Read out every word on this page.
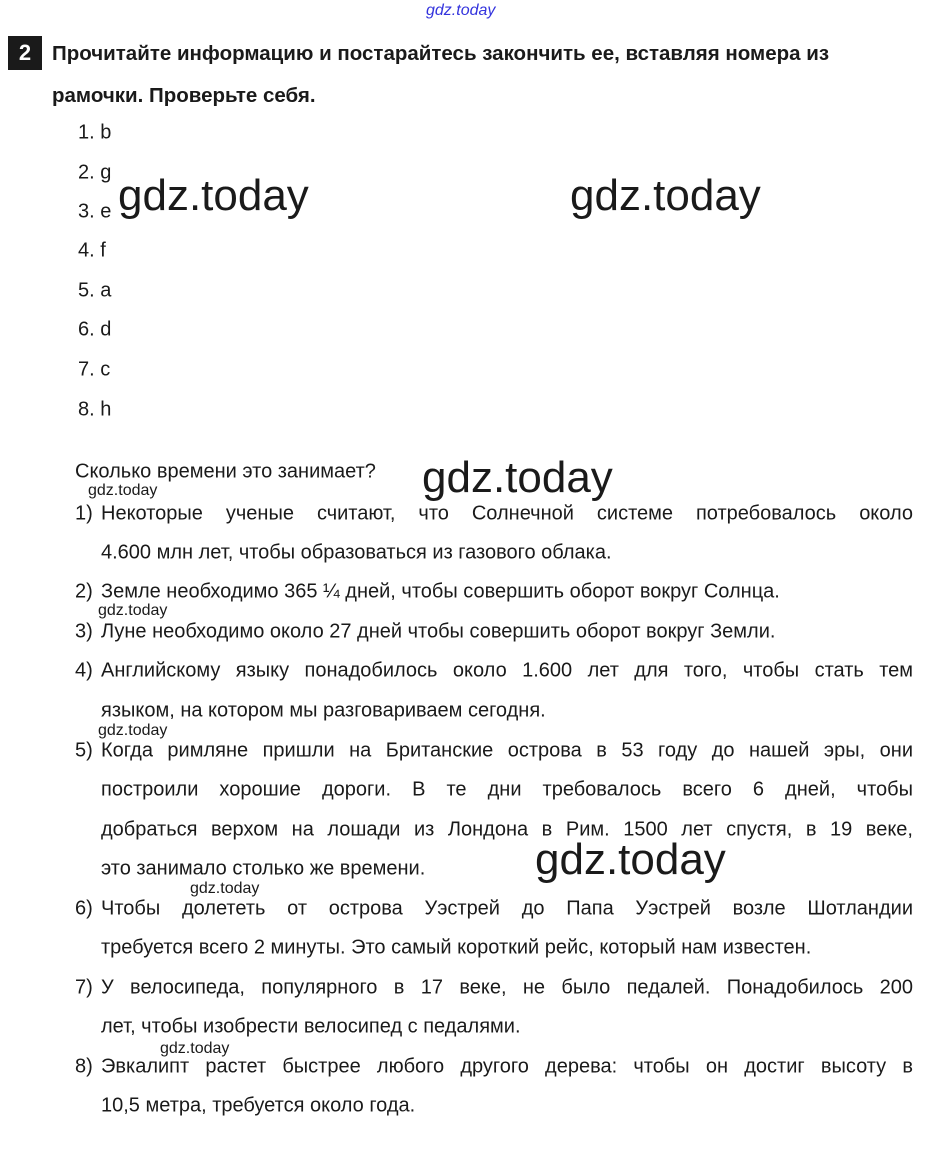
gdz.today
2	Прочитайте информацию и постарайтесь закончить ее, вставляя номера из
рамочки. Проверьте себя.
1. b
2. g
3. e
4. f
5. a
6. d
7. c
8. h
Сколько времени это занимает?
1) Некоторые ученые считают, что Солнечной системе потребовалось около
4.600 млн лет, чтобы образоваться из газового облака.
2) Земле необходимо 365 ¼ дней, чтобы совершить оборот вокруг Солнца.
3) Луне необходимо около 27 дней чтобы совершить оборот вокруг Земли.
4) Английскому языку понадобилось около 1.600 лет для того, чтобы стать тем
языком, на котором мы разговариваем сегодня.
5) Когда римляне пришли на Британские острова в 53 году до нашей эры, они
построили хорошие дороги. В те дни требовалось всего 6 дней, чтобы
добраться верхом на лошади из Лондона в Рим. 1500 лет спустя, в 19 веке,
это занимало столько же времени.
6) Чтобы долететь от острова Уэстрей до Папа Уэстрей возле Шотландии
требуется всего 2 минуты. Это самый короткий рейс, который нам известен.
7) У велосипеда, популярного в 17 веке, не было педалей. Понадобилось 200
лет, чтобы изобрести велосипед с педалями.
8) Эвкалипт растет быстрее любого другого дерева: чтобы он достиг высоту в
10,5 метра, требуется около года.
gdz.today	gdz.today
gdz.today
gdz.today
gdz.today
gdz.today
gdz.today
gdz.today
gdz.today
